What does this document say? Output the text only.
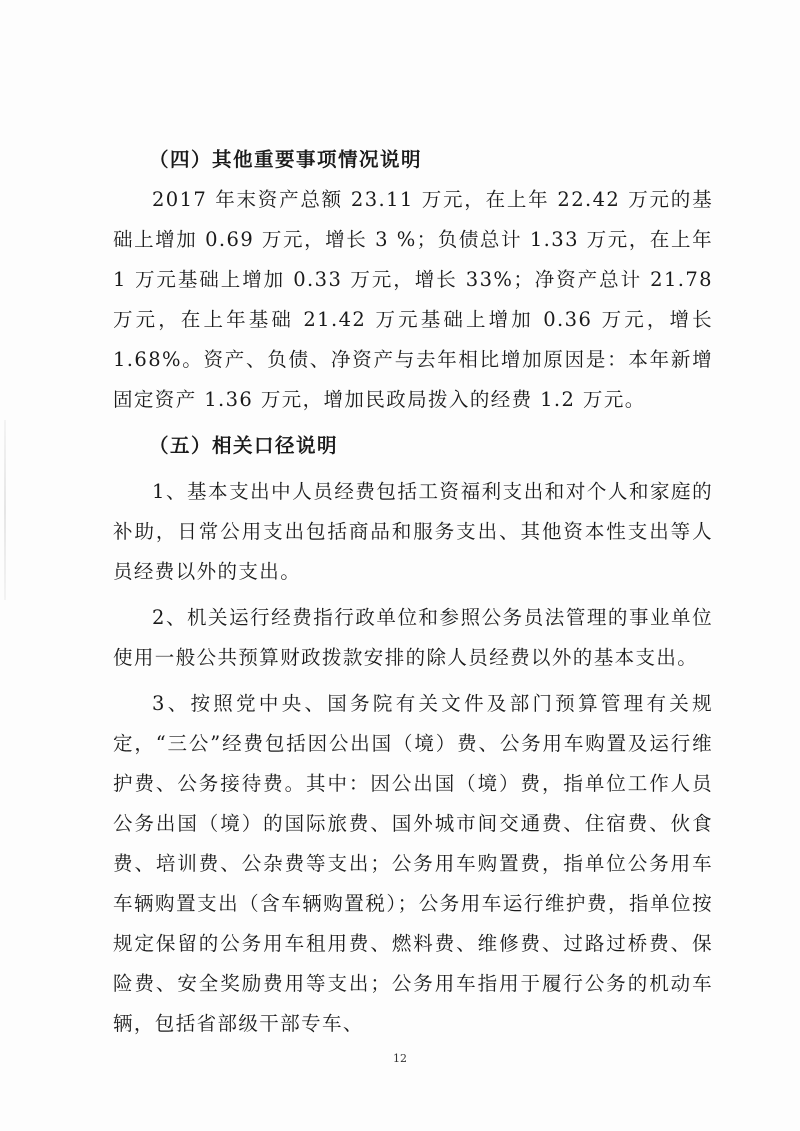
（四）其他重要事项情况说明

2017 年末资产总额 23.11 万元，在上年 22.42 万元的基础上增加 0.69 万元，增长 3 %；负债总计 1.33 万元，在上年 1 万元基础上增加 0.33 万元，增长 33%；净资产总计 21.78 万元，在上年基础 21.42 万元基础上增加 0.36 万元，增长 1.68%。资产、负债、净资产与去年相比增加原因是：本年新增固定资产 1.36 万元，增加民政局拨入的经费 1.2 万元。

（五）相关口径说明

1、基本支出中人员经费包括工资福利支出和对个人和家庭的补助，日常公用支出包括商品和服务支出、其他资本性支出等人员经费以外的支出。

2、机关运行经费指行政单位和参照公务员法管理的事业单位使用一般公共预算财政拨款安排的除人员经费以外的基本支出。

3、按照党中央、国务院有关文件及部门预算管理有关规定，“三公”经费包括因公出国（境）费、公务用车购置及运行维护费、公务接待费。其中：因公出国（境）费，指单位工作人员公务出国（境）的国际旅费、国外城市间交通费、住宿费、伙食费、培训费、公杂费等支出；公务用车购置费，指单位公务用车车辆购置支出（含车辆购置税）；公务用车运行维护费，指单位按规定保留的公务用车租用费、燃料费、维修费、过路过桥费、保险费、安全奖励费用等支出；公务用车指用于履行公务的机动车辆，包括省部级干部专车、

12
